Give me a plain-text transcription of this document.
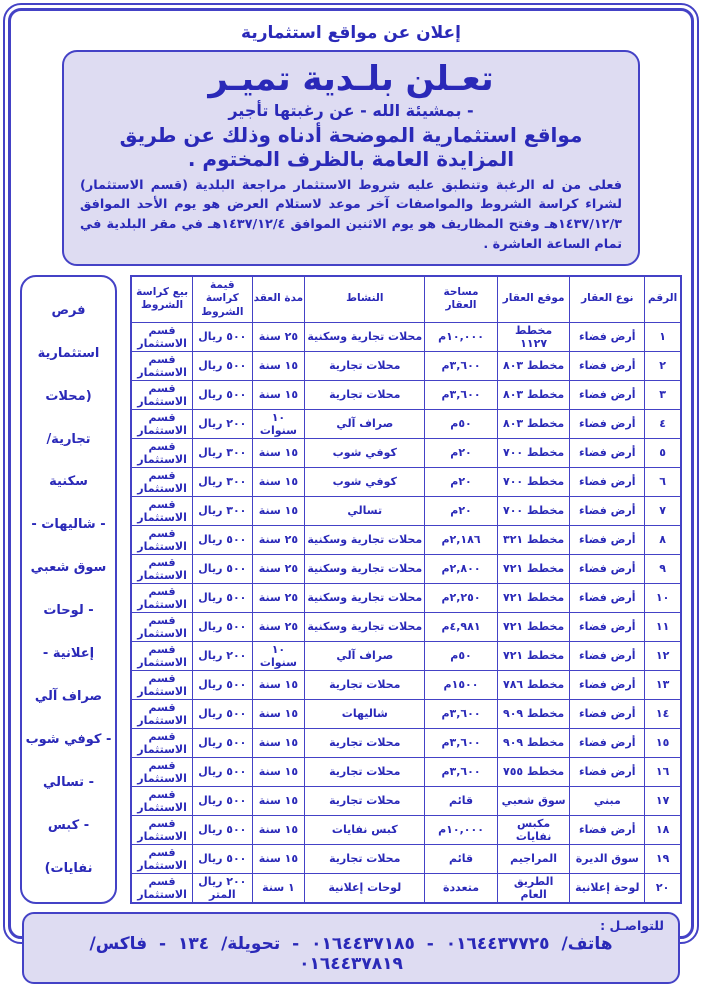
إعلان عن مواقع استثمارية
تعـلن بلـدية تميـر
- بمشيئة الله - عن رغبتها تأجير
مواقع استثمارية الموضحة أدناه وذلك عن طريق المزايدة العامة بالظرف المختوم .
فعلى من له الرغبة وتنطبق عليه شروط الاستثمار مراجعة البلدية (قسم الاستثمار) لشراء كراسة الشروط والمواصفات آخر موعد لاستلام العرض هو يوم الأحد الموافق ١٤٣٧/١٢/٣هـ وفتح المظاريف هو يوم الاثنين الموافق ١٤٣٧/١٢/٤هـ في مقر البلدية في تمام الساعة العاشرة .
الرقم	نوع العقار	موقع العقار	مساحة العقار	النشاط	مدة العقد	قيمة كراسة الشروط	بيع كراسة الشروط
١	أرض فضاء	مخطط ١١٢٧	١٠,٠٠٠م	محلات تجارية وسكنية	٢٥ سنة	٥٠٠ ريال	قسم الاستثمار
٢	أرض فضاء	مخطط ٨٠٣	٣,٦٠٠م	محلات تجارية	١٥ سنة	٥٠٠ ريال	قسم الاستثمار
٣	أرض فضاء	مخطط ٨٠٣	٣,٦٠٠م	محلات تجارية	١٥ سنة	٥٠٠ ريال	قسم الاستثمار
٤	أرض فضاء	مخطط ٨٠٣	٥٠م	صراف آلي	١٠ سنوات	٢٠٠ ريال	قسم الاستثمار
٥	أرض فضاء	مخطط ٧٠٠	٢٠م	كوفي شوب	١٥ سنة	٣٠٠ ريال	قسم الاستثمار
٦	أرض فضاء	مخطط ٧٠٠	٢٠م	كوفي شوب	١٥ سنة	٣٠٠ ريال	قسم الاستثمار
٧	أرض فضاء	مخطط ٧٠٠	٢٠م	تسالي	١٥ سنة	٣٠٠ ريال	قسم الاستثمار
٨	أرض فضاء	مخطط ٣٢١	٢,١٨٦م	محلات تجارية وسكنية	٢٥ سنة	٥٠٠ ريال	قسم الاستثمار
٩	أرض فضاء	مخطط ٧٢١	٢,٨٠٠م	محلات تجارية وسكنية	٢٥ سنة	٥٠٠ ريال	قسم الاستثمار
١٠	أرض فضاء	مخطط ٧٢١	٢,٢٥٠م	محلات تجارية وسكنية	٢٥ سنة	٥٠٠ ريال	قسم الاستثمار
١١	أرض فضاء	مخطط ٧٢١	٤,٩٨١م	محلات تجارية وسكنية	٢٥ سنة	٥٠٠ ريال	قسم الاستثمار
١٢	أرض فضاء	مخطط ٧٢١	٥٠م	صراف آلي	١٠ سنوات	٢٠٠ ريال	قسم الاستثمار
١٣	أرض فضاء	مخطط ٧٨٦	١٥٠٠م	محلات تجارية	١٥ سنة	٥٠٠ ريال	قسم الاستثمار
١٤	أرض فضاء	مخطط ٩٠٩	٣,٦٠٠م	شاليهات	١٥ سنة	٥٠٠ ريال	قسم الاستثمار
١٥	أرض فضاء	مخطط ٩٠٩	٣,٦٠٠م	محلات تجارية	١٥ سنة	٥٠٠ ريال	قسم الاستثمار
١٦	أرض فضاء	مخطط ٧٥٥	٣,٦٠٠م	محلات تجارية	١٥ سنة	٥٠٠ ريال	قسم الاستثمار
١٧	مبني	سوق شعبي	قائم	محلات تجارية	١٥ سنة	٥٠٠ ريال	قسم الاستثمار
١٨	أرض فضاء	مكبس نفايات	١٠,٠٠٠م	كبس نفايات	١٥ سنة	٥٠٠ ريال	قسم الاستثمار
١٩	سوق الديرة	المراجيم	قائم	محلات تجارية	١٥ سنة	٥٠٠ ريال	قسم الاستثمار
٢٠	لوحة إعلانية	الطريق العام	متعددة	لوحات إعلانية	١ سنة	٢٠٠ ريال المتر	قسم الاستثمار
فرص
استثمارية
(محلات
تجارية/
سكنية
- شاليهات -
سوق شعبي
- لوحات
إعلانية -
صراف آلي
- كوفي شوب
- تسالي
- كبس
نفايات)
للتواصـل :
هاتف/ ٠١٦٤٤٣٧٧٢٥ - ٠١٦٤٤٣٧١٨٥ - تحويلة/ ١٣٤ - فاكس/ ٠١٦٤٤٣٧٨١٩
